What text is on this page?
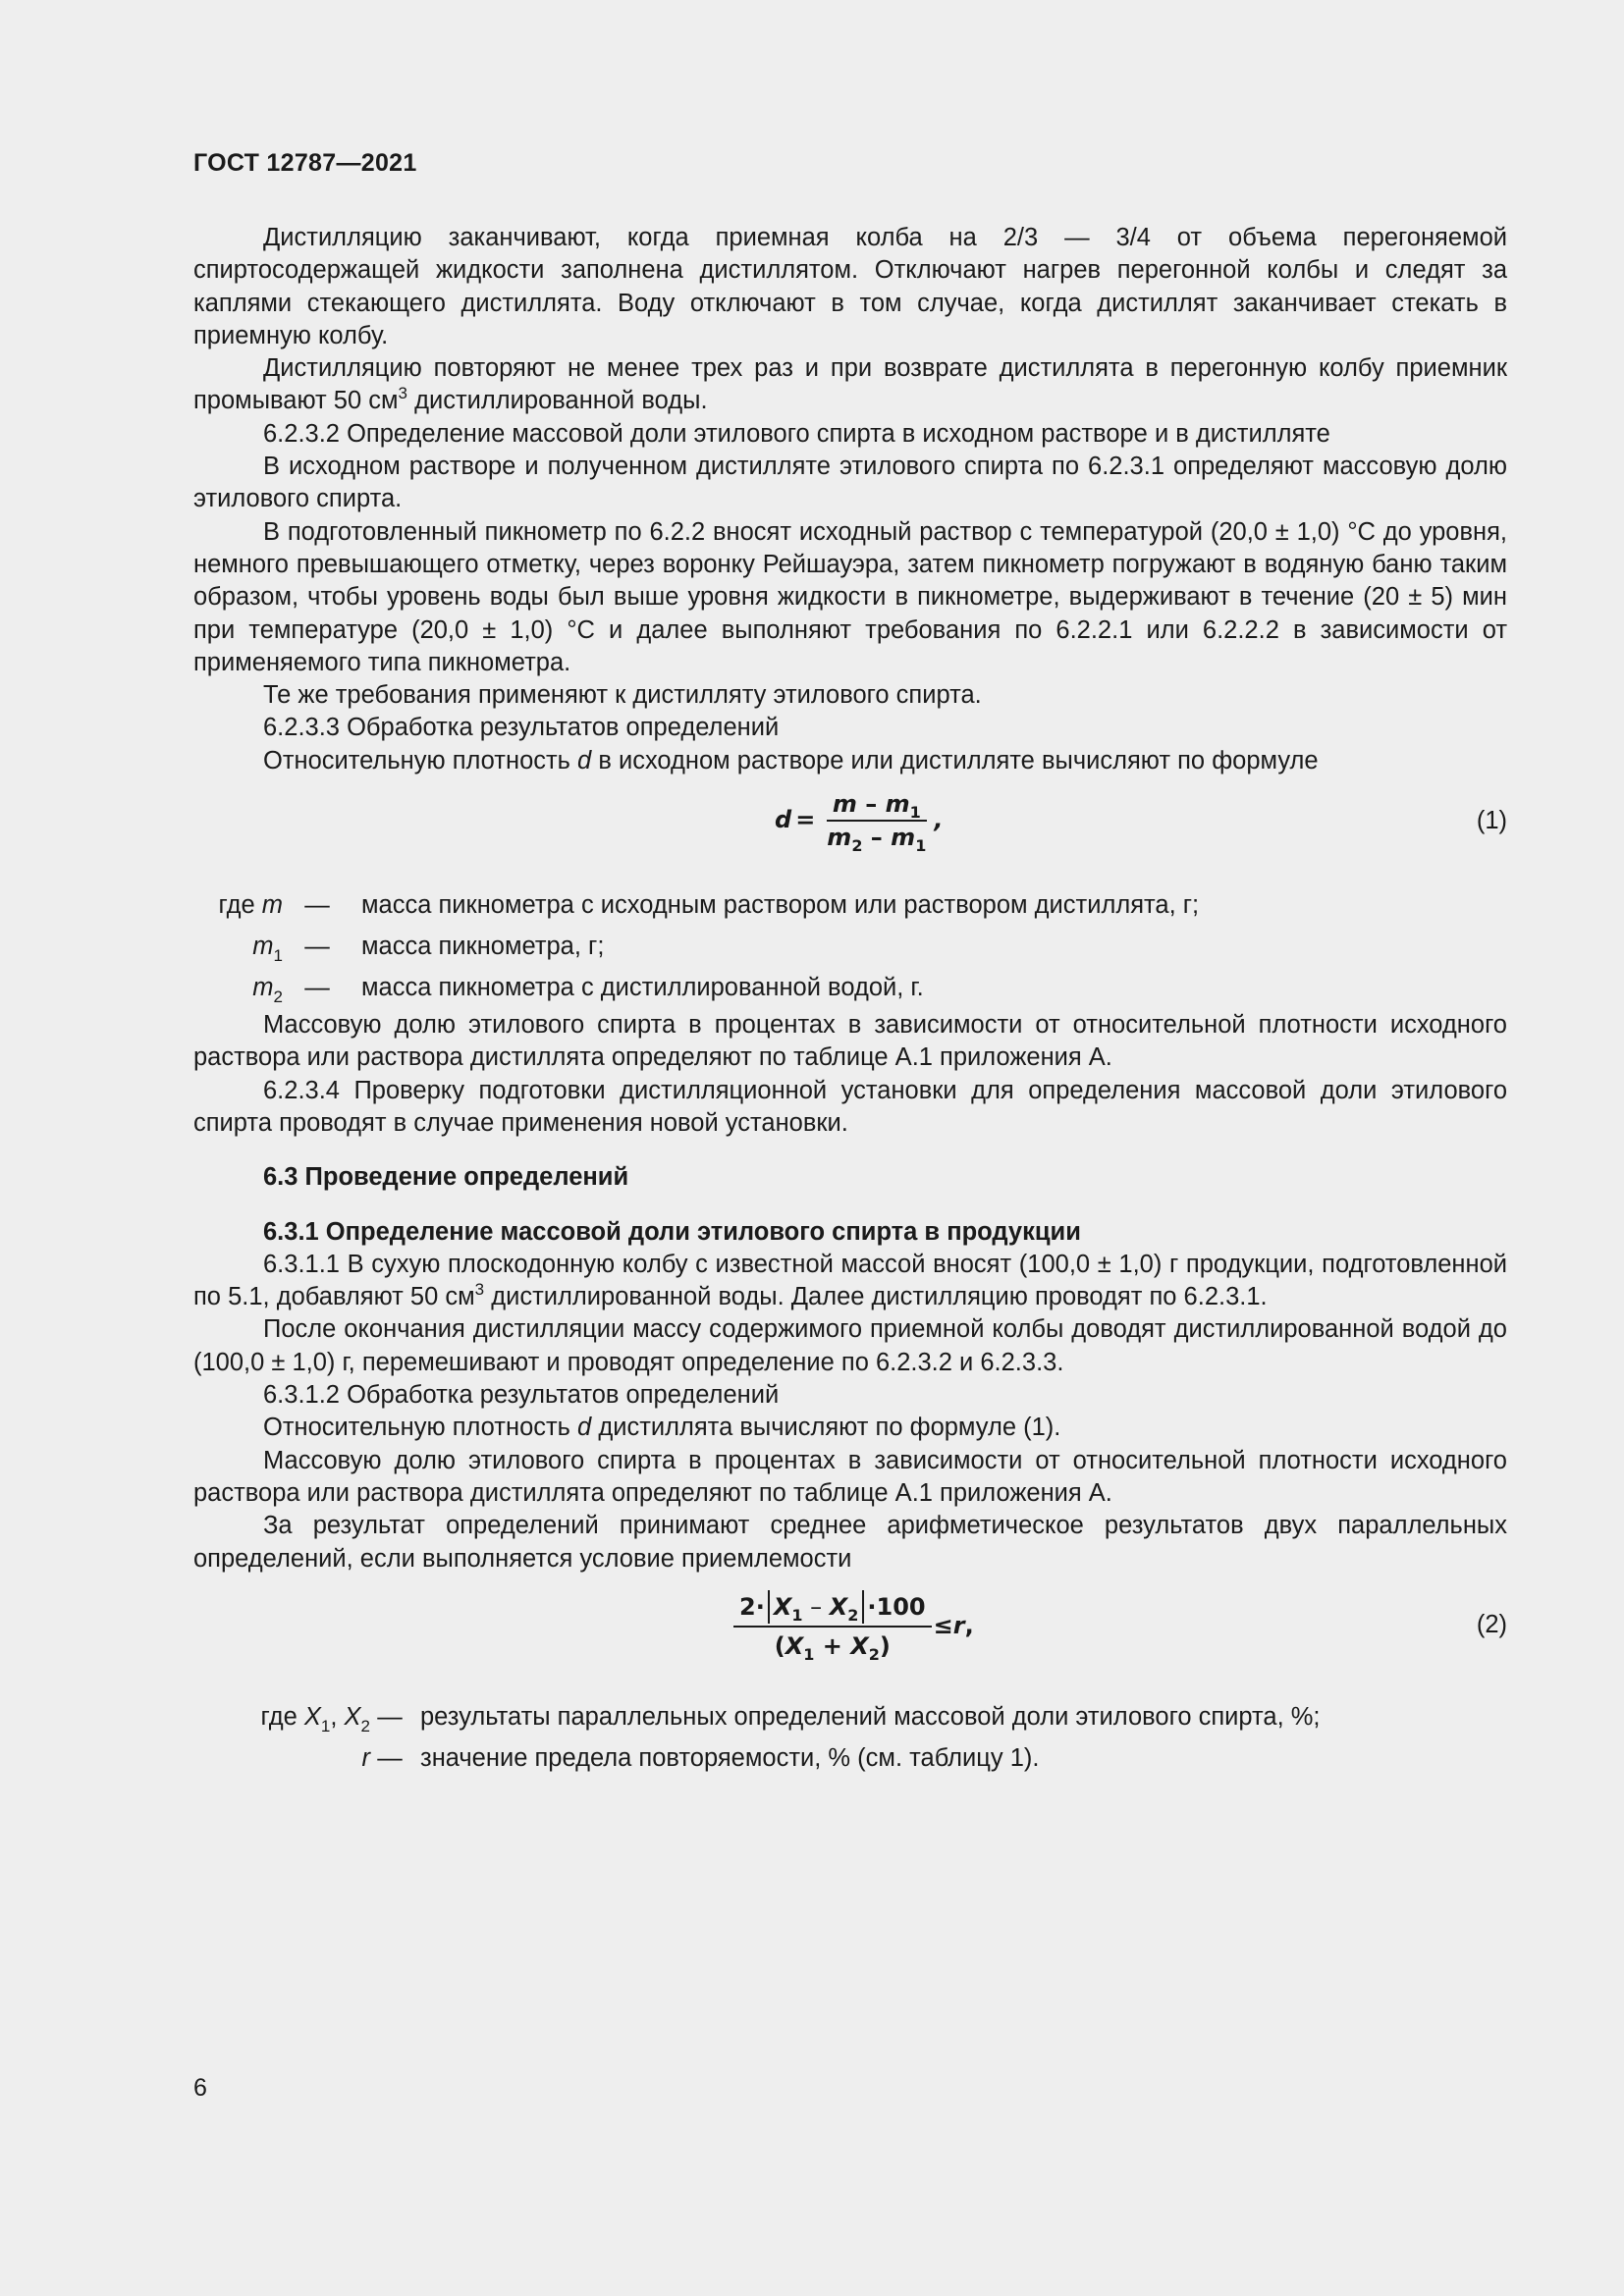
ГОСТ 12787—2021

Дистилляцию заканчивают, когда приемная колба на 2/3 — 3/4 от объема перегоняемой спиртосодержащей жидкости заполнена дистиллятом. Отключают нагрев перегонной колбы и следят за каплями стекающего дистиллята. Воду отключают в том случае, когда дистиллят заканчивает стекать в приемную колбу.

Дистилляцию повторяют не менее трех раз и при возврате дистиллята в перегонную колбу приемник промывают 50 $см^3$ дистиллированной воды.

6.2.3.2 Определение массовой доли этилового спирта в исходном растворе и в дистилляте

В исходном растворе и полученном дистилляте этилового спирта по 6.2.3.1 определяют массовую долю этилового спирта.

В подготовленный пикнометр по 6.2.2 вносят исходный раствор с температурой (20,0 ± 1,0) °С до уровня, немного превышающего отметку, через воронку Рейшауэра, затем пикнометр погружают в водяную баню таким образом, чтобы уровень воды был выше уровня жидкости в пикнометре, выдерживают в течение (20 ± 5) мин при температуре (20,0 ± 1,0) °С и далее выполняют требования по 6.2.2.1 или 6.2.2.2 в зависимости от применяемого типа пикнометра.

Те же требования применяют к дистилляту этилового спирта.

6.2.3.3 Обработка результатов определений

Относительную плотность d в исходном растворе или дистилляте вычисляют по формуле

$d = \frac{m - m_1}{m_2 - m_1}$ ,	(1)
где m —	масса пикнометра с исходным раствором или раствором дистиллята, г;
$m_1$ —	масса пикнометра, г;
$m_2$ —	масса пикнометра с дистиллированной водой, г.

Массовую долю этилового спирта в процентах в зависимости от относительной плотности исходного раствора или раствора дистиллята определяют по таблице А.1 приложения А.

6.2.3.4 Проверку подготовки дистилляционной установки для определения массовой доли этилового спирта проводят в случае применения новой установки.

6.3 Проведение определений

6.3.1 Определение массовой доли этилового спирта в продукции

6.3.1.1 В сухую плоскодонную колбу с известной массой вносят (100,0 ± 1,0) г продукции, подготовленной по 5.1, добавляют 50 $см^3$ дистиллированной воды. Далее дистилляцию проводят по 6.2.3.1.

После окончания дистилляции массу содержимого приемной колбы доводят дистиллированной водой до (100,0 ± 1,0) г, перемешивают и проводят определение по 6.2.3.2 и 6.2.3.3.

6.3.1.2 Обработка результатов определений

Относительную плотность d дистиллята вычисляют по формуле (1).

Массовую долю этилового спирта в процентах в зависимости от относительной плотности исходного раствора или раствора дистиллята определяют по таблице А.1 приложения А.

За результат определений принимают среднее арифметическое результатов двух параллельных определений, если выполняется условие приемлемости

$\frac{2\cdot X_1 - X_2 \cdot 100}{(X_1 + X_2)} \le r$ ,	(2)
где $X_1$, $X_2$ — результаты параллельных определений массовой доли этилового спирта, %;
r — значение предела повторяемости, % (см. таблицу 1).
6
